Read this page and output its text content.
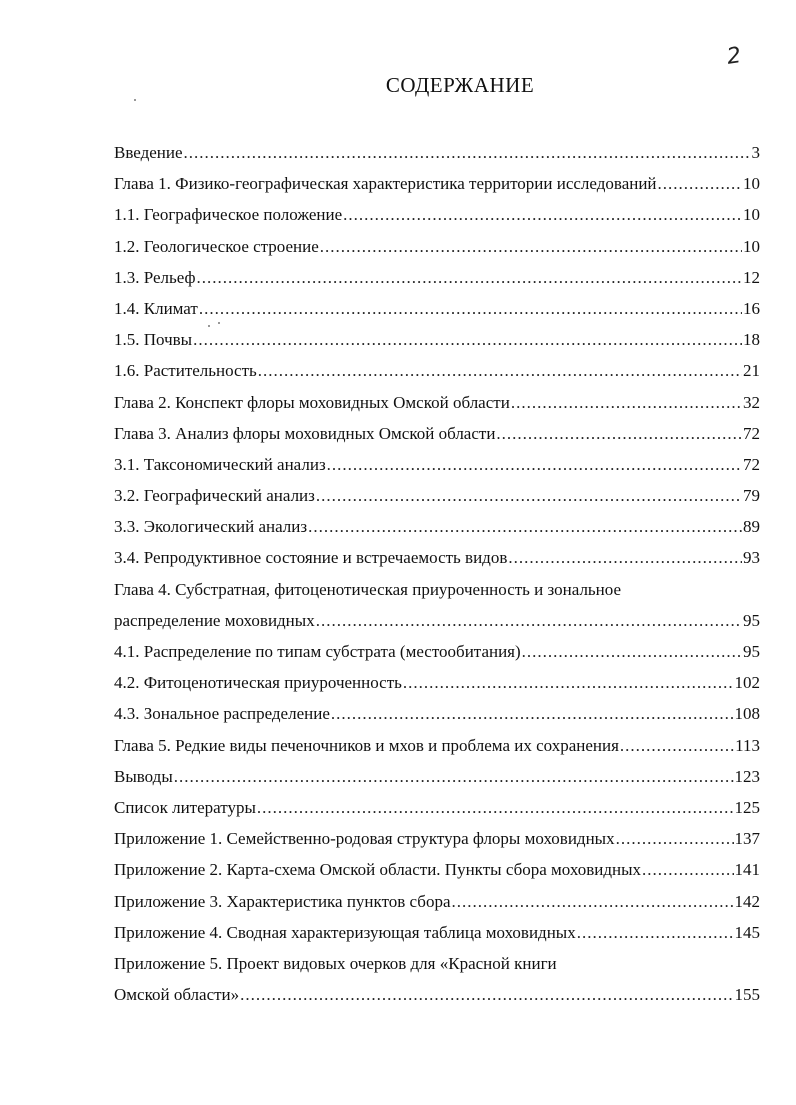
2
СОДЕРЖАНИЕ
Введение .....	3
Глава 1. Физико-географическая характеристика территории исследований .....	10
1.1. Географическое положение .....	10
1.2. Геологическое строение .....	10
1.3. Рельеф .....	12
1.4. Климат .....	16
1.5. Почвы .....	18
1.6. Растительность .....	21
Глава 2. Конспект флоры моховидных Омской области .....	32
Глава 3. Анализ флоры моховидных Омской области .....	72
3.1. Таксономический анализ .....	72
3.2. Географический анализ .....	79
3.3. Экологический анализ .....	89
3.4. Репродуктивное состояние и встречаемость видов .....	93
Глава 4. Субстратная, фитоценотическая приуроченность и зональное
распределение моховидных .....	95
4.1. Распределение по типам субстрата (местообитания) .....	95
4.2. Фитоценотическая приуроченность .....	102
4.3. Зональное распределение .....	108
Глава 5. Редкие виды печеночников и мхов и проблема их сохранения .....	113
Выводы .....	123
Список литературы .....	125
Приложение 1. Семейственно-родовая структура флоры моховидных .....	137
Приложение 2. Карта-схема Омской области. Пункты сбора моховидных .....	141
Приложение 3. Характеристика пунктов сбора .....	142
Приложение 4. Сводная характеризующая таблица моховидных .....	145
Приложение 5. Проект видовых очерков для «Красной книги
Омской области» .....	155
